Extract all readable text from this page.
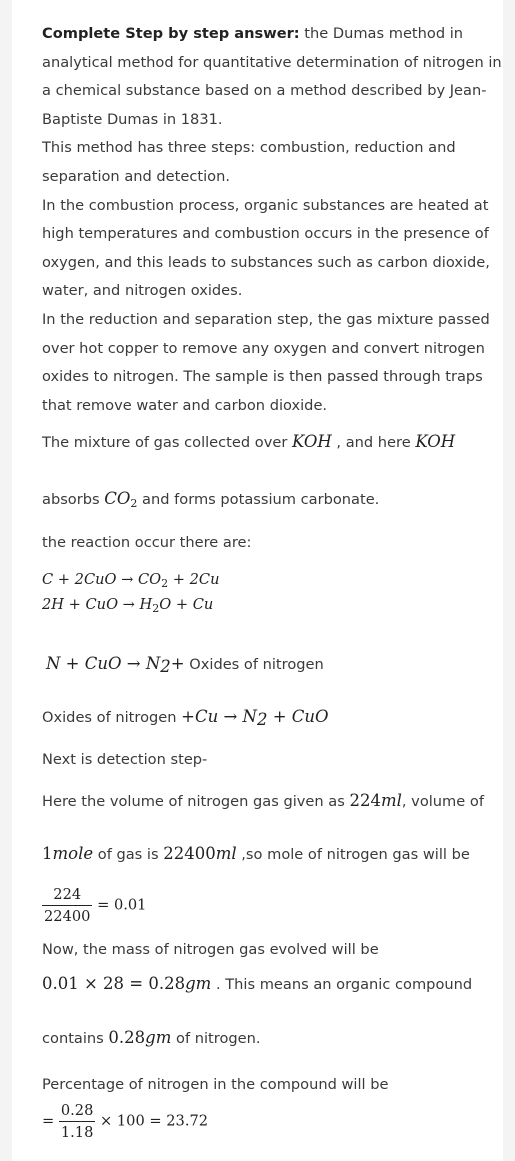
Complete Step by step answer: the Dumas method in analytical method for quantitative determination of nitrogen in a chemical substance based on a method described by Jean-Baptiste Dumas in 1831.

This method has three steps: combustion, reduction and separation and detection.

In the combustion process, organic substances are heated at high temperatures and combustion occurs in the presence of oxygen, and this leads to substances such as carbon dioxide, water, and nitrogen oxides.

In the reduction and separation step, the gas mixture passed over hot copper to remove any oxygen and convert nitrogen oxides to nitrogen. The sample is then passed through traps that remove water and carbon dioxide.

The mixture of gas collected over KOH , and here KOH
absorbs $CO_2$ and forms potassium carbonate.
the reaction occur there are:
$C + 2CuO \to CO_2 + 2Cu$
2H + CuO → $H_2O + Cu$
N + CuO → $N_2+$ Oxides of nitrogen
Oxides of nitrogen $+Cu \to N_2$ + CuO
Next is detection step-
Here the volume of nitrogen gas given as 224ml, volume of
1mole of gas is 22400ml ,so mole of nitrogen gas will be
$\frac{224}{22400} = 0.01$
Now, the mass of nitrogen gas evolved will be
0.01 × 28 = 0.28gm . This means an organic compound
contains 0.28gm of nitrogen.
Percentage of nitrogen in the compound will be
= $\frac{0.28}{1.18} \times 100 = 23.72$
